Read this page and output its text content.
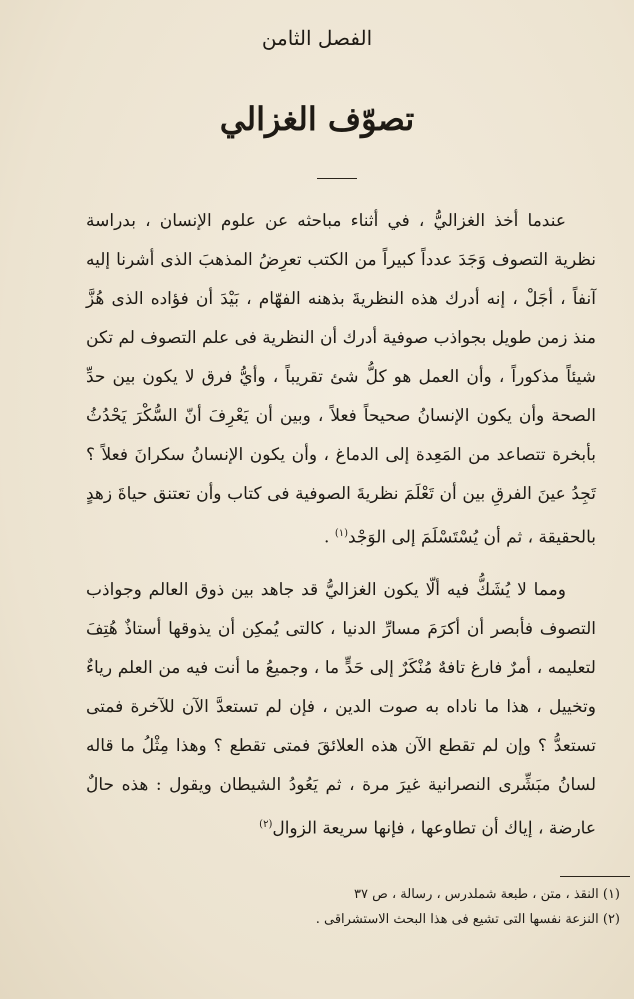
الفصل الثامن
تصوّف الغزالي

عندما أخذ الغزاليُّ ، في أثناء مباحثه عن علوم الإنسان ، بدراسة نظرية التصوف وَجَدَ عدداً كبيراً من الكتب تعرِضُ المذهبَ الذى أشرنا إليه آنفاً ، أجَلْ ، إنه أدرك هذه النظريةَ بذهنه الفهّام ، بَيْدَ أن فؤاده الذى هُزَّ منذ زمن طويل بجواذب صوفية أدرك أن النظرية فى علم التصوف لم تكن شيئاً مذكوراً ، وأن العمل هو كلُّ شئ تقريباً ، وأيُّ فرق لا يكون بين حدِّ الصحة وأن يكون الإنسانُ صحيحاً فعلاً ، وبين أن يَعْرِفَ أنّ السُّكْرَ يَحْدُثُ بأبخرة تتصاعد من المَعِدة إلى الدماغ ، وأن يكون الإنسانُ سكرانَ فعلاً ؟ تَجِدُ عينَ الفرقِ بين أن تَعْلَمَ نظريةَ الصوفية فى كتاب وأن تعتنق حياةَ زهدٍ بالحقيقة ، ثم أن يُسْتَسْلَمَ إلى الوَجْد$^{(١)}$ .

ومما لا يُشَكُّ فيه ألّا يكون الغزاليُّ قد جاهد بين ذوق العالم وجواذب التصوف فأبصر أن أكرَمَ مسارِّ الدنيا ، كالتى يُمكِن أن يذوقها أستاذٌ هُتِفَ لتعليمه ، أمرٌ فارغ تافهٌ مُنْكَرٌ إلى حَدٍّ ما ، وجميعُ ما أنت فيه من العلم رياءٌ وتخييل ، هذا ما ناداه به صوت الدين ، فإن لم تستعدَّ الآن للآخرة فمتى تستعدُّ ؟ وإن لم تقطع الآن هذه العلائقَ فمتى تقطع ؟ وهذا مِثْلُ ما قاله لسانُ مبَشِّرى النصرانية غيرَ مرة ، ثم يَعُودُ الشيطان ويقول : هذه حالٌ عارضة ، إياك أن تطاوعها ، فإنها سريعة الزوال$^{(٢)}$

(١) النقذ ، متن ، طبعة شملدرس ، رسالة ، ص ٣٧

(٢) النزعة نفسها التى تشيع فى هذا البحث الاستشراقى .
